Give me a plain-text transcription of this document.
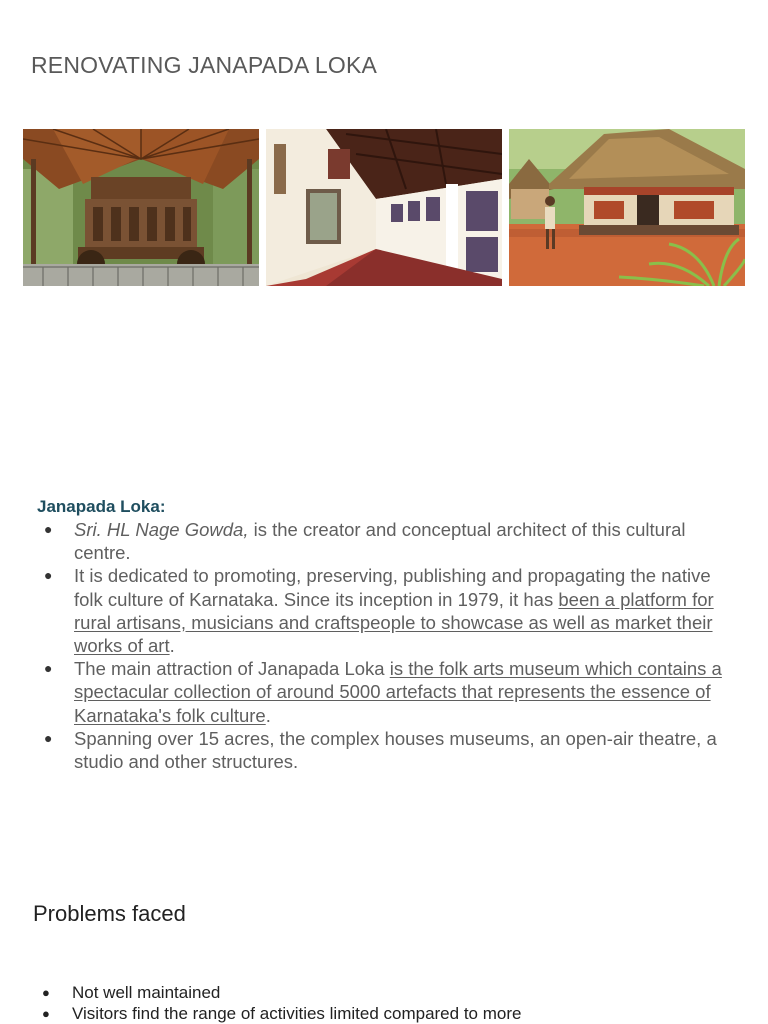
RENOVATING JANAPADA LOKA
Janapada Loka:
● Sri. HL Nage Gowda, is the creator and conceptual architect of this cultural centre.
● It is dedicated to promoting, preserving, publishing and propagating the native folk culture of Karnataka. Since its inception in 1979, it has been a platform for rural artisans, musicians and craftspeople to showcase as well as market their works of art.
● The main attraction of Janapada Loka is the folk arts museum which contains a spectacular collection of around 5000 artefacts that represents the essence of Karnataka's folk culture.
● Spanning over 15 acres, the complex houses museums, an open-air theatre, a studio and other structures.
Problems faced
● Not well maintained
● Visitors find the range of activities limited compared to more
